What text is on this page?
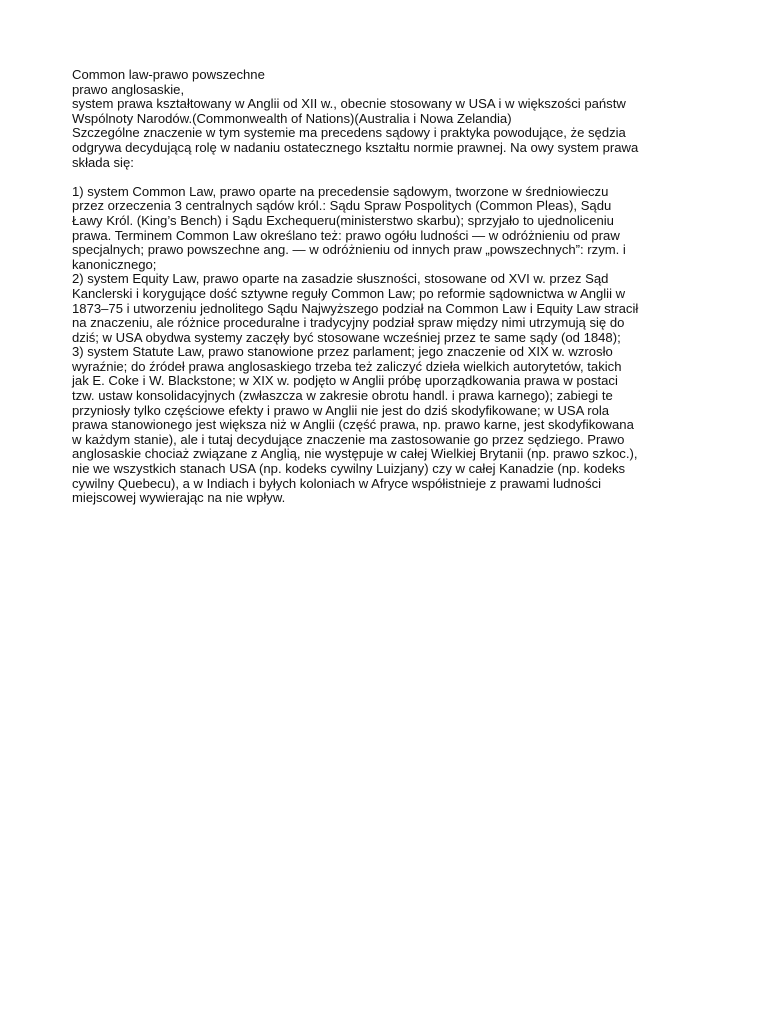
Common law-prawo powszechne
prawo anglosaskie,
system prawa kształtowany w Anglii od XII w., obecnie stosowany w USA i w większości państw
Wspólnoty Narodów.(Commonwealth of Nations)(Australia i Nowa Zelandia)
Szczególne znaczenie w tym systemie ma precedens sądowy i praktyka powodujące, że sędzia
odgrywa decydującą rolę w nadaniu ostatecznego kształtu normie prawnej. Na owy system prawa
składa się:
1) system Common Law, prawo oparte na precedensie sądowym, tworzone w średniowieczu
przez orzeczenia 3 centralnych sądów król.: Sądu Spraw Pospolitych (Common Pleas), Sądu
Ławy Król. (King’s Bench) i Sądu Exchequeru(ministerstwo skarbu); sprzyjało to ujednoliceniu
prawa. Terminem Common Law określano też: prawo ogółu ludności — w odróżnieniu od praw
specjalnych; prawo powszechne ang. — w odróżnieniu od innych praw „powszechnych”: rzym. i
kanonicznego;
2) system Equity Law, prawo oparte na zasadzie słuszności, stosowane od XVI w. przez Sąd
Kanclerski i korygujące dość sztywne reguły Common Law; po reformie sądownictwa w Anglii w
1873–75 i utworzeniu jednolitego Sądu Najwyższego podział na Common Law i Equity Law stracił
na znaczeniu, ale różnice proceduralne i tradycyjny podział spraw między nimi utrzymują się do
dziś; w USA obydwa systemy zaczęły być stosowane wcześniej przez te same sądy (od 1848);
3) system Statute Law, prawo stanowione przez parlament; jego znaczenie od XIX w. wzrosło
wyraźnie; do źródeł prawa anglosaskiego trzeba też zaliczyć dzieła wielkich autorytetów, takich
jak E. Coke i W. Blackstone; w XIX w. podjęto w Anglii próbę uporządkowania prawa w postaci
tzw. ustaw konsolidacyjnych (zwłaszcza w zakresie obrotu handl. i prawa karnego); zabiegi te
przyniosły tylko częściowe efekty i prawo w Anglii nie jest do dziś skodyfikowane; w USA rola
prawa stanowionego jest większa niż w Anglii (część prawa, np. prawo karne, jest skodyfikowana
w każdym stanie), ale i tutaj decydujące znaczenie ma zastosowanie go przez sędziego. Prawo
anglosaskie chociaż związane z Anglią, nie występuje w całej Wielkiej Brytanii (np. prawo szkoc.),
nie we wszystkich stanach USA (np. kodeks cywilny Luizjany) czy w całej Kanadzie (np. kodeks
cywilny Quebecu), a w Indiach i byłych koloniach w Afryce współistnieje z prawami ludności
miejscowej wywierając na nie wpływ.
